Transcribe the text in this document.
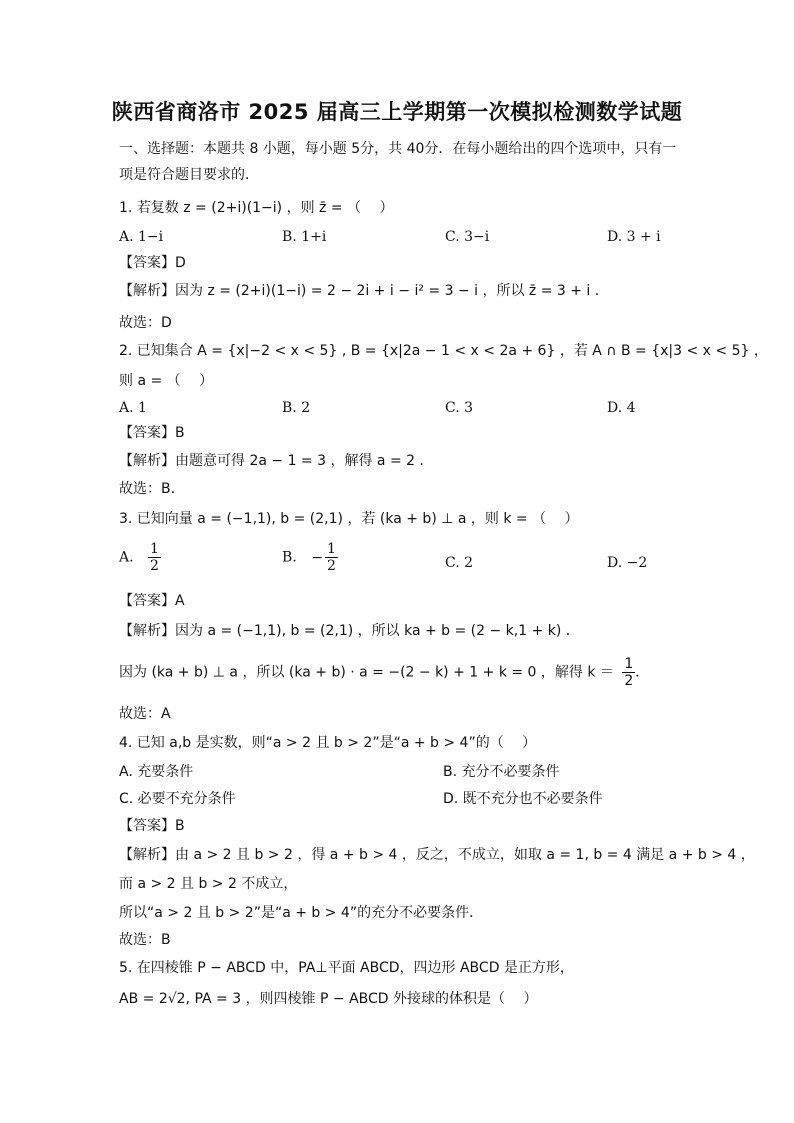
陕西省商洛市 2025 届高三上学期第一次模拟检测数学试题
一、选择题：本题共 8 小题，每小题 5分，共 40分．在每小题给出的四个选项中，只有一
项是符合题目要求的．
1. 若复数 z = (2+i)(1−i) ，则 z̄ = （　 ）
A. 1−i	B. 1+i	C. 3−i	D. 3 + i
【答案】D
【解析】因为 z = (2+i)(1−i) = 2 − 2i + i − i² = 3 − i ，所以 z̄ = 3 + i ．
故选：D
2. 已知集合 A = {x|−2 < x < 5} , B = {x|2a − 1 < x < 2a + 6} ，若 A ∩ B = {x|3 < x < 5} ，
则 a = （　 ）
A. 1	B. 2	C. 3	D. 4
【答案】B
【解析】由题意可得 2a − 1 = 3 ，解得 a = 2 ．
故选：B.
3. 已知向量 a = (−1,1), b = (2,1) ，若 (ka + b) ⊥ a ，则 k = （　 ）
A. $\frac{1}{2}$	B. − $\frac{1}{2}$	C. 2	D. −2
【答案】A
【解析】因为 a = (−1,1), b = (2,1) ，所以 ka + b = (2 − k,1 + k) ．
因为 (ka + b) ⊥ a ，所以 (ka + b) · a = −(2 − k) + 1 + k = 0 ，解得 $k = \frac{1}{2}$ ．
故选：A
4. 已知 a,b 是实数，则“a > 2 且 b > 2”是“a + b > 4”的（　 ）
A. 充要条件	B. 充分不必要条件
C. 必要不充分条件	D. 既不充分也不必要条件
【答案】B
【解析】由 a > 2 且 b > 2 ，得 a + b > 4 ，反之，不成立，如取 a = 1, b = 4 满足 a + b > 4 ，
而 a > 2 且 b > 2 不成立，
所以“a > 2 且 b > 2”是“a + b > 4”的充分不必要条件．
故选：B
5. 在四棱锥 P − ABCD 中，PA⊥平面 ABCD，四边形 ABCD 是正方形，
AB = 2√2, PA = 3 ，则四棱锥 P − ABCD 外接球的体积是（　 ）
